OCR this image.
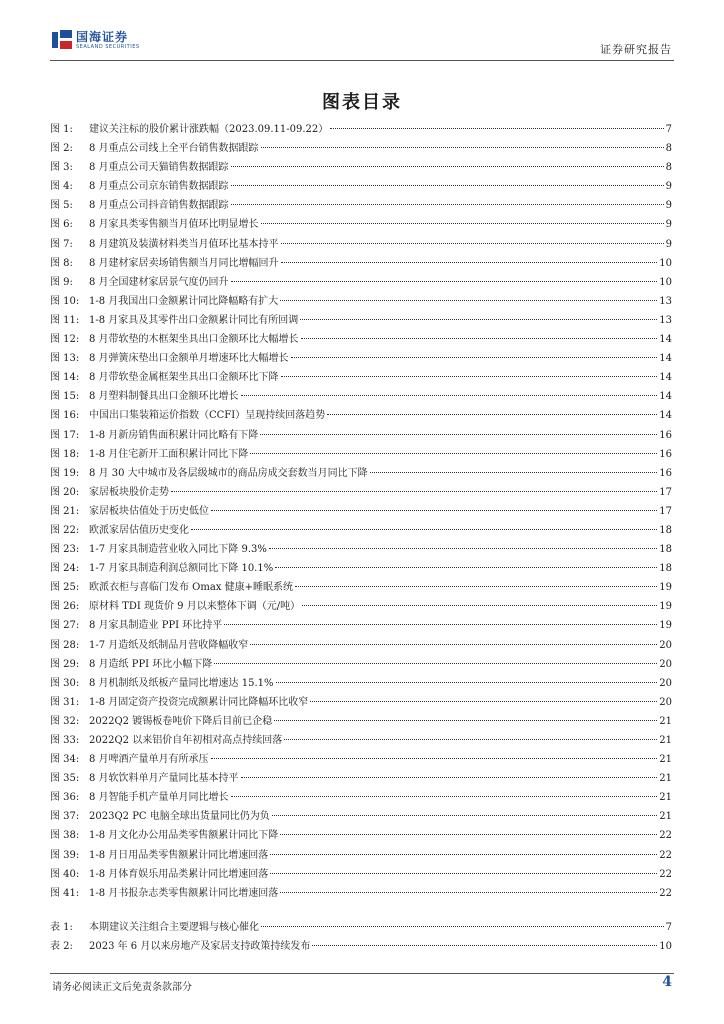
国海证券
SEALAND SECURITIES	证券研究报告
图表目录
图 1:	建议关注标的股价累计涨跌幅（2023.09.11-09.22）	7
图 2:	8 月重点公司线上全平台销售数据跟踪	8
图 3:	8 月重点公司天猫销售数据跟踪	8
图 4:	8 月重点公司京东销售数据跟踪	9
图 5:	8 月重点公司抖音销售数据跟踪	9
图 6:	8 月家具类零售额当月值环比明显增长	9
图 7:	8 月建筑及装潢材料类当月值环比基本持平	9
图 8:	8 月建材家居卖场销售额当月同比增幅回升	10
图 9:	8 月全国建材家居景气度仍回升	10
图 10: 1-8 月我国出口金额累计同比降幅略有扩大	13
图 11: 1-8 月家具及其零件出口金额累计同比有所回调	13
图 12: 8 月带软垫的木框架坐具出口金额环比大幅增长	14
图 13: 8 月弹簧床垫出口金额单月增速环比大幅增长	14
图 14: 8 月带软垫金属框架坐具出口金额环比下降	14
图 15: 8 月塑料制餐具出口金额环比增长	14
图 16: 中国出口集装箱运价指数（CCFI）呈现持续回落趋势	14
图 17: 1-8 月新房销售面积累计同比略有下降	16
图 18: 1-8 月住宅新开工面积累计同比下降	16
图 19: 8 月 30 大中城市及各层级城市的商品房成交套数当月同比下降	16
图 20: 家居板块股价走势	17
图 21: 家居板块估值处于历史低位	17
图 22: 欧派家居估值历史变化	18
图 23: 1-7 月家具制造营业收入同比下降 9.3%	18
图 24: 1-7 月家具制造利润总额同比下降 10.1%	18
图 25: 欧派衣柜与喜临门发布 Omax 健康+睡眠系统	19
图 26: 原材料 TDI 现货价 9 月以来整体下调（元/吨）	19
图 27: 8 月家具制造业 PPI 环比持平	19
图 28: 1-7 月造纸及纸制品月营收降幅收窄	20
图 29: 8 月造纸 PPI 环比小幅下降	20
图 30: 8 月机制纸及纸板产量同比增速达 15.1%	20
图 31: 1-8 月固定资产投资完成额累计同比降幅环比收窄	20
图 32: 2022Q2 镀锡板卷吨价下降后目前已企稳	21
图 33: 2022Q2 以来铝价自年初相对高点持续回落	21
图 34: 8 月啤酒产量单月有所承压	21
图 35: 8 月软饮料单月产量同比基本持平	21
图 36: 8 月智能手机产量单月同比增长	21
图 37: 2023Q2 PC 电脑全球出货量同比仍为负	21
图 38: 1-8 月文化办公用品类零售额累计同比下降	22
图 39: 1-8 月日用品类零售额累计同比增速回落	22
图 40: 1-8 月体育娱乐用品类累计同比增速回落	22
图 41: 1-8 月书报杂志类零售额累计同比增速回落	22
表 1:	本期建议关注组合主要逻辑与核心催化	7
表 2:	2023 年 6 月以来房地产及家居支持政策持续发布	10
请务必阅读正文后免责条款部分	4
